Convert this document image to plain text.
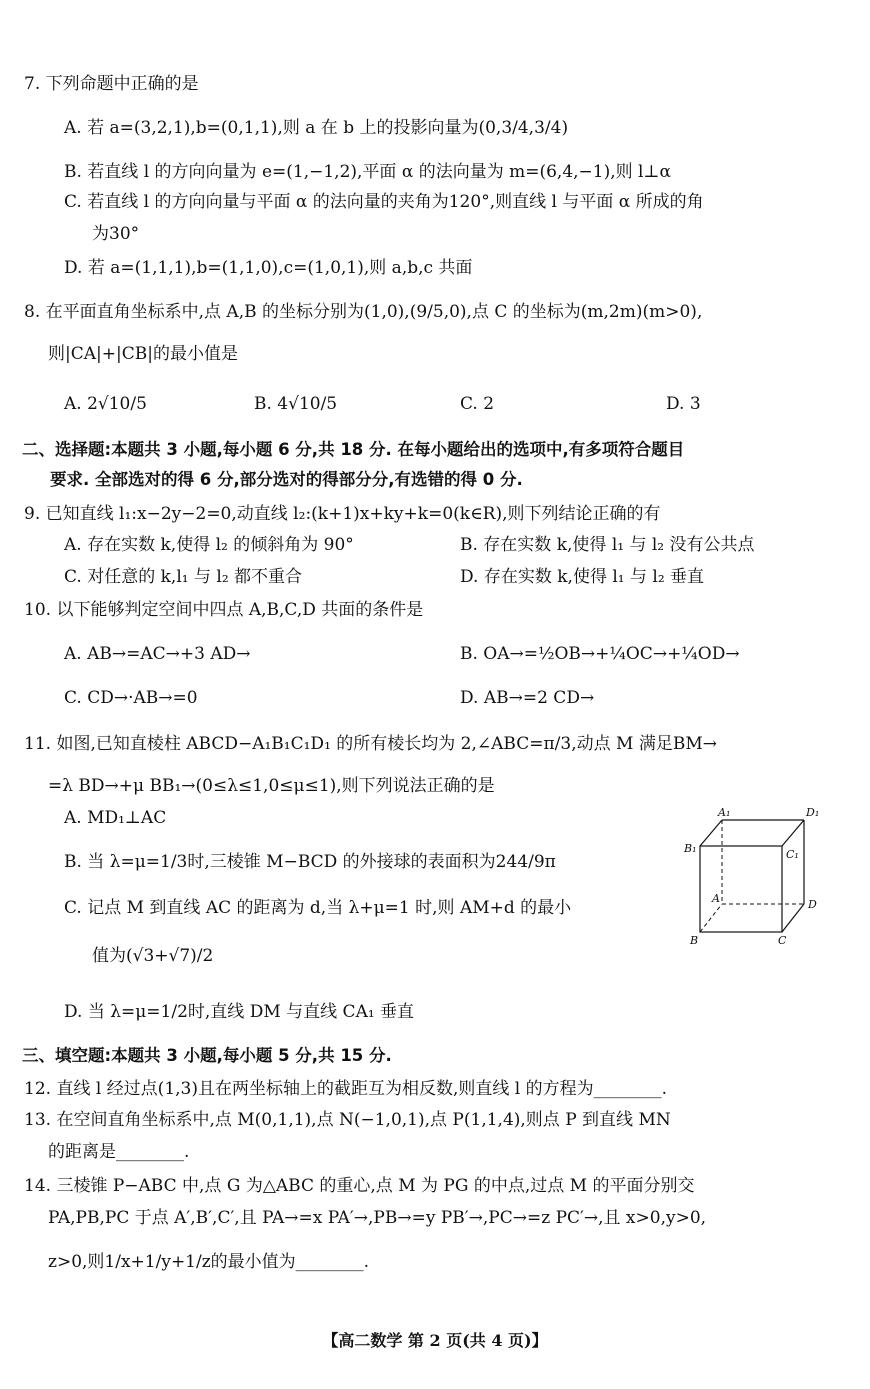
7. 下列命题中正确的是
A. 若 a=(3,2,1),b=(0,1,1),则 a 在 b 上的投影向量为(0,3/4,3/4)
B. 若直线 l 的方向向量为 e=(1,−1,2),平面 α 的法向量为 m=(6,4,−1),则 l⊥α
C. 若直线 l 的方向向量与平面 α 的法向量的夹角为120°,则直线 l 与平面 α 所成的角
为30°
D. 若 a=(1,1,1),b=(1,1,0),c=(1,0,1),则 a,b,c 共面
8. 在平面直角坐标系中,点 A,B 的坐标分别为(1,0),(9/5,0),点 C 的坐标为(m,2m)(m>0),
则|CA|+|CB|的最小值是
A. 2√10/5	B. 4√10/5	C. 2	D. 3
二、选择题:本题共 3 小题,每小题 6 分,共 18 分. 在每小题给出的选项中,有多项符合题目
要求. 全部选对的得 6 分,部分选对的得部分分,有选错的得 0 分.
9. 已知直线 l₁:x−2y−2=0,动直线 l₂:(k+1)x+ky+k=0(k∈R),则下列结论正确的有
A. 存在实数 k,使得 l₂ 的倾斜角为 90°	B. 存在实数 k,使得 l₁ 与 l₂ 没有公共点
C. 对任意的 k,l₁ 与 l₂ 都不重合	D. 存在实数 k,使得 l₁ 与 l₂ 垂直
10. 以下能够判定空间中四点 A,B,C,D 共面的条件是
A. AB→=AC→+3 AD→	B. OA→=½OB→+¼OC→+¼OD→
C. CD→·AB→=0	D. AB→=2 CD→
11. 如图,已知直棱柱 ABCD−A₁B₁C₁D₁ 的所有棱长均为 2,∠ABC=π/3,动点 M 满足BM→
=λ BD→+μ BB₁→(0≤λ≤1,0≤μ≤1),则下列说法正确的是
A. MD₁⊥AC
B. 当 λ=μ=1/3时,三棱锥 M−BCD 的外接球的表面积为244/9π
C. 记点 M 到直线 AC 的距离为 d,当 λ+μ=1 时,则 AM+d 的最小
值为(√3+√7)/2
D. 当 λ=μ=1/2时,直线 DM 与直线 CA₁ 垂直
A₁	D₁
B₁	C₁
A	D
B	C
三、填空题:本题共 3 小题,每小题 5 分,共 15 分.
12. 直线 l 经过点(1,3)且在两坐标轴上的截距互为相反数,则直线 l 的方程为________.
13. 在空间直角坐标系中,点 M(0,1,1),点 N(−1,0,1),点 P(1,1,4),则点 P 到直线 MN
的距离是________.
14. 三棱锥 P−ABC 中,点 G 为△ABC 的重心,点 M 为 PG 的中点,过点 M 的平面分别交
PA,PB,PC 于点 A′,B′,C′,且 PA→=x PA′→,PB→=y PB′→,PC→=z PC′→,且 x>0,y>0,
z>0,则1/x+1/y+1/z的最小值为________.
【高二数学 第 2 页(共 4 页)】
